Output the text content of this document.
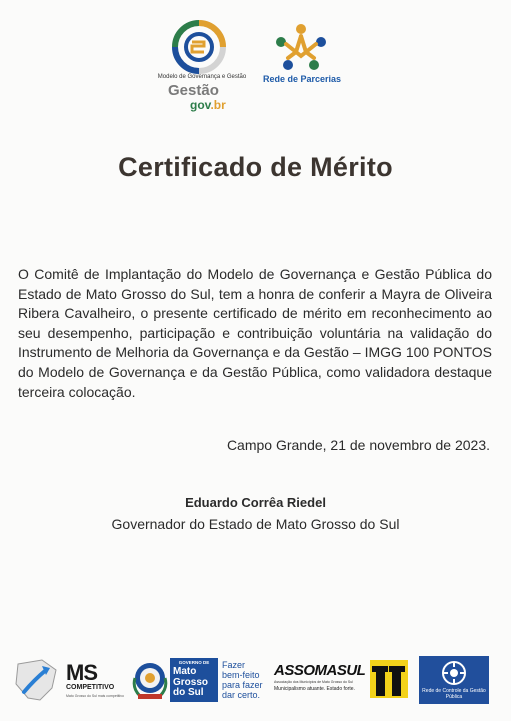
Modelo de Governança e Gestão
Gestão
gov.br
Rede de Parcerias
Certificado de Mérito
O Comitê de Implantação do Modelo de Governança e Gestão Pública do Estado de Mato Grosso do Sul, tem a honra de conferir a Mayra de Oliveira Ribera Cavalheiro, o presente certificado de mérito em reconhecimento ao seu desempenho, participação e contribuição voluntária na validação do Instrumento de Melhoria da Governança e da Gestão – IMGG 100 PONTOS do Modelo de Governança e da Gestão Pública, como validadora destaque terceira colocação.
Campo Grande, 21 de novembro de 2023.
Eduardo Corrêa Riedel
Governador do Estado de Mato Grosso do Sul
MS
COMPETITIVO
Mato Grosso do Sul mais competitivo
GOVERNO DE
Mato Grosso do Sul
Fazer bem-feito para fazer dar certo.
ASSOMASUL
Associação dos Municípios de Mato Grosso do Sul
Municipalismo atuante. Estado forte.	Rede de Controle da Gestão Pública
